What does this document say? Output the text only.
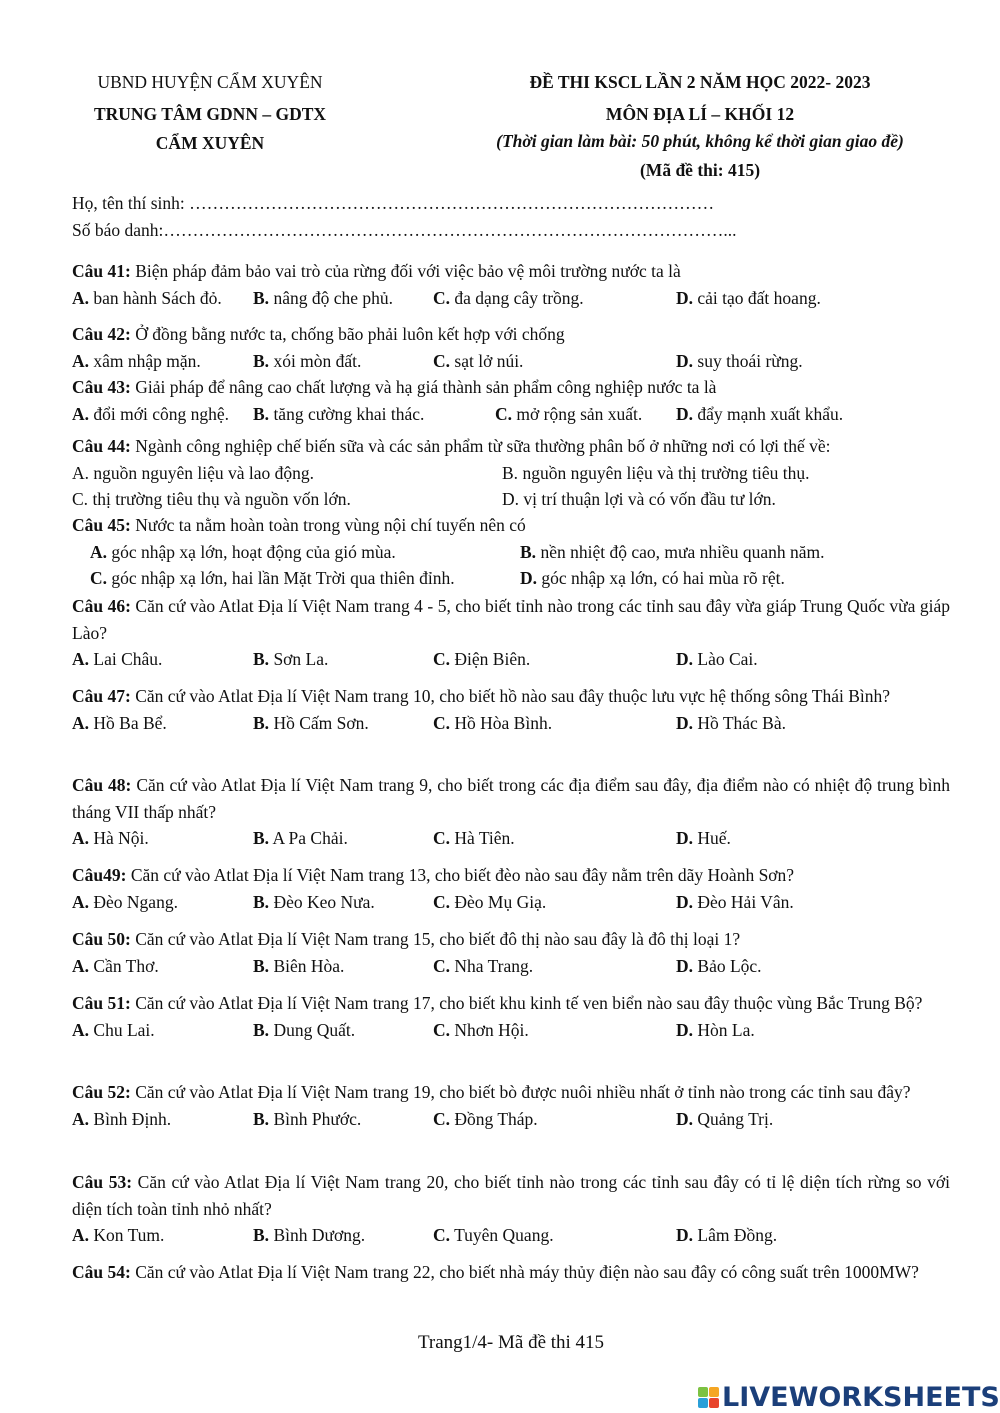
UBND HUYỆN CẨM XUYÊN
TRUNG TÂM GDNN – GDTX
CẨM XUYÊN
ĐỀ THI KSCL LẦN 2 NĂM HỌC 2022- 2023
MÔN ĐỊA LÍ – KHỐI 12
(Thời gian làm bài: 50 phút, không kể thời gian giao đề)
(Mã đề thi: 415)
Họ, tên thí sinh: ………………………………………………………………………………
Số báo danh:……………………………………………………………………………………...
Câu 41: Biện pháp đảm bảo vai trò của rừng đối với việc bảo vệ môi trường nước ta là
A. ban hành Sách đỏ. B. nâng độ che phủ. C. đa dạng cây trồng.	D. cải tạo đất hoang.
Câu 42: Ở đồng bằng nước ta, chống bão phải luôn kết hợp với chống
A. xâm nhập mặn.	B. xói mòn đất.	C. sạt lở núi.	D. suy thoái rừng.
Câu 43: Giải pháp để nâng cao chất lượng và hạ giá thành sản phẩm công nghiệp nước ta là
A. đổi mới công nghệ. B. tăng cường khai thác.	C. mở rộng sản xuất. D. đẩy mạnh xuất khẩu.
Câu 44: Ngành công nghiệp chế biến sữa và các sản phẩm từ sữa thường phân bố ở những nơi có lợi thế về:
A. nguồn nguyên liệu và lao động.	B. nguồn nguyên liệu và thị trường tiêu thụ.
C. thị trường tiêu thụ và nguồn vốn lớn.	D. vị trí thuận lợi và có vốn đầu tư lớn.
Câu 45: Nước ta nằm hoàn toàn trong vùng nội chí tuyến nên có
A. góc nhập xạ lớn, hoạt động của gió mùa.	B. nền nhiệt độ cao, mưa nhiều quanh năm.
C. góc nhập xạ lớn, hai lần Mặt Trời qua thiên đỉnh.	D. góc nhập xạ lớn, có hai mùa rõ rệt.
Câu 46: Căn cứ vào Atlat Địa lí Việt Nam trang 4 - 5, cho biết tỉnh nào trong các tỉnh sau đây vừa giáp Trung Quốc vừa giáp Lào?
A. Lai Châu.	B. Sơn La.	C. Điện Biên.	D. Lào Cai.
Câu 47: Căn cứ vào Atlat Địa lí Việt Nam trang 10, cho biết hồ nào sau đây thuộc lưu vực hệ thống sông Thái Bình?
A. Hồ Ba Bể.	B. Hồ Cấm Sơn.	C. Hồ Hòa Bình.	D. Hồ Thác Bà.
Câu 48: Căn cứ vào Atlat Địa lí Việt Nam trang 9, cho biết trong các địa điểm sau đây, địa điểm nào có nhiệt độ trung bình tháng VII thấp nhất?
A. Hà Nội.	B. A Pa Chải.	C. Hà Tiên.	D. Huế.
Câu49: Căn cứ vào Atlat Địa lí Việt Nam trang 13, cho biết đèo nào sau đây nằm trên dãy Hoành Sơn?
A. Đèo Ngang.	B. Đèo Keo Nưa.	C. Đèo Mụ Giạ.	D. Đèo Hải Vân.
Câu 50: Căn cứ vào Atlat Địa lí Việt Nam trang 15, cho biết đô thị nào sau đây là đô thị loại 1?
A. Cần Thơ.	B. Biên Hòa.	C. Nha Trang.	D. Bảo Lộc.
Câu 51: Căn cứ vào Atlat Địa lí Việt Nam trang 17, cho biết khu kinh tế ven biển nào sau đây thuộc vùng Bắc Trung Bộ?
A. Chu Lai.	B. Dung Quất.	C. Nhơn Hội.	D. Hòn La.
Câu 52: Căn cứ vào Atlat Địa lí Việt Nam trang 19, cho biết bò được nuôi nhiều nhất ở tỉnh nào trong các tỉnh sau đây?
A. Bình Định.	B. Bình Phước.	C. Đồng Tháp.	D. Quảng Trị.
Câu 53: Căn cứ vào Atlat Địa lí Việt Nam trang 20, cho biết tỉnh nào trong các tỉnh sau đây có tỉ lệ diện tích rừng so với diện tích toàn tỉnh nhỏ nhất?
A. Kon Tum.	B. Bình Dương.	C. Tuyên Quang.	D. Lâm Đồng.
Câu 54: Căn cứ vào Atlat Địa lí Việt Nam trang 22, cho biết nhà máy thủy điện nào sau đây có công suất trên 1000MW?
Trang1/4- Mã đề thi 415
LIVEWORKSHEETS
